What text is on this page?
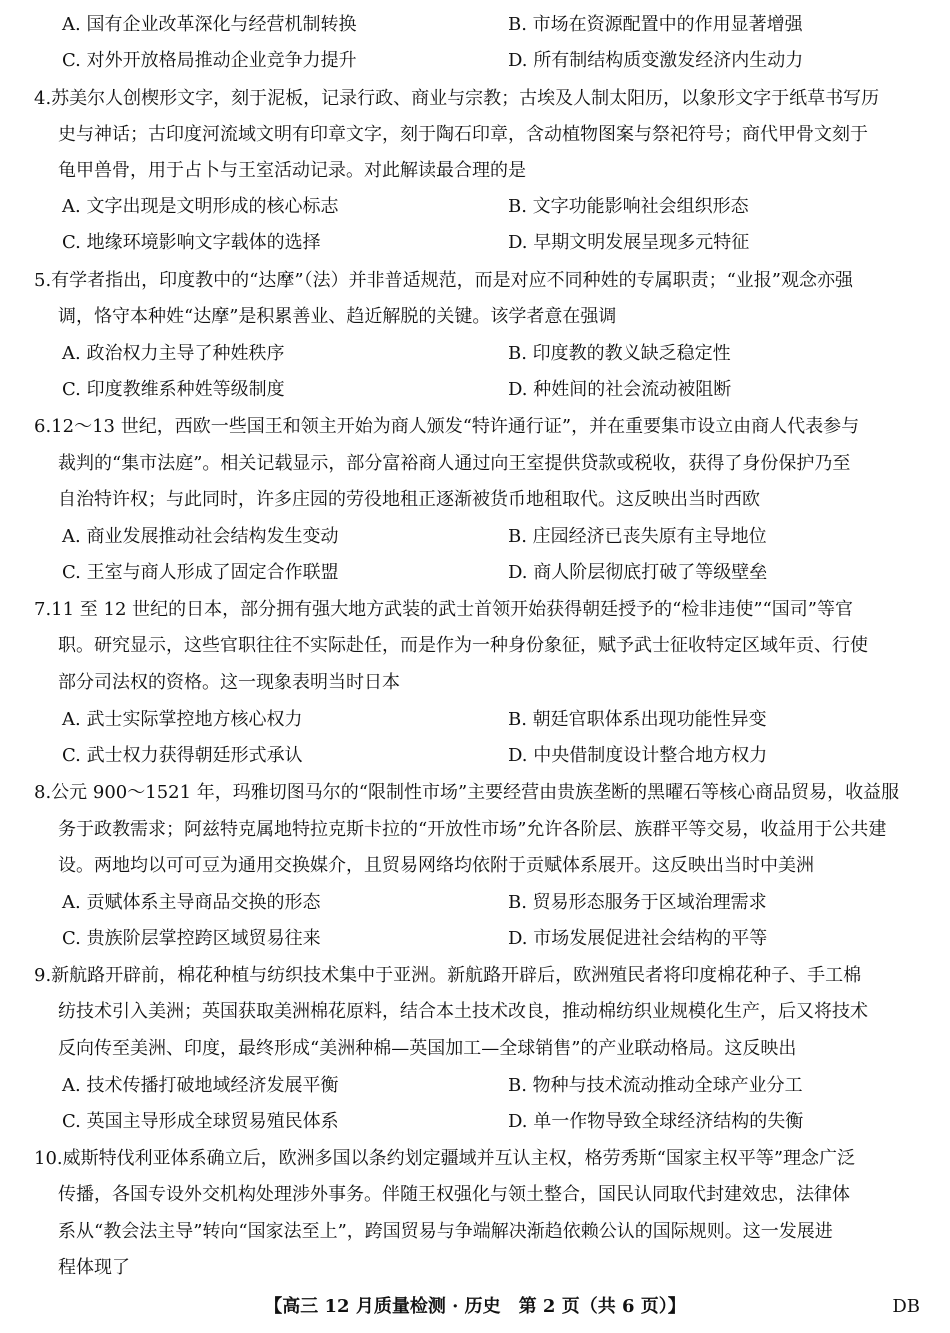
A. 国有企业改革深化与经营机制转换	B. 市场在资源配置中的作用显著增强
C. 对外开放格局推动企业竞争力提升	D. 所有制结构质变激发经济内生动力
4.苏美尔人创楔形文字，刻于泥板，记录行政、商业与宗教；古埃及人制太阳历，以象形文字于纸草书写历
史与神话；古印度河流域文明有印章文字，刻于陶石印章，含动植物图案与祭祀符号；商代甲骨文刻于
龟甲兽骨，用于占卜与王室活动记录。对此解读最合理的是
A. 文字出现是文明形成的核心标志	B. 文字功能影响社会组织形态
C. 地缘环境影响文字载体的选择	D. 早期文明发展呈现多元特征
5.有学者指出，印度教中的“达摩”（法）并非普适规范，而是对应不同种姓的专属职责；“业报”观念亦强
调，恪守本种姓“达摩”是积累善业、趋近解脱的关键。该学者意在强调
A. 政治权力主导了种姓秩序	B. 印度教的教义缺乏稳定性
C. 印度教维系种姓等级制度	D. 种姓间的社会流动被阻断
6.12～13 世纪，西欧一些国王和领主开始为商人颁发“特许通行证”，并在重要集市设立由商人代表参与
裁判的“集市法庭”。相关记载显示，部分富裕商人通过向王室提供贷款或税收，获得了身份保护乃至
自治特许权；与此同时，许多庄园的劳役地租正逐渐被货币地租取代。这反映出当时西欧
A. 商业发展推动社会结构发生变动	B. 庄园经济已丧失原有主导地位
C. 王室与商人形成了固定合作联盟	D. 商人阶层彻底打破了等级壁垒
7.11 至 12 世纪的日本，部分拥有强大地方武装的武士首领开始获得朝廷授予的“检非违使”“国司”等官
职。研究显示，这些官职往往不实际赴任，而是作为一种身份象征，赋予武士征收特定区域年贡、行使
部分司法权的资格。这一现象表明当时日本
A. 武士实际掌控地方核心权力	B. 朝廷官职体系出现功能性异变
C. 武士权力获得朝廷形式承认	D. 中央借制度设计整合地方权力
8.公元 900～1521 年，玛雅切图马尔的“限制性市场”主要经营由贵族垄断的黑曜石等核心商品贸易，收益服
务于政教需求；阿兹特克属地特拉克斯卡拉的“开放性市场”允许各阶层、族群平等交易，收益用于公共建
设。两地均以可可豆为通用交换媒介，且贸易网络均依附于贡赋体系展开。这反映出当时中美洲
A. 贡赋体系主导商品交换的形态	B. 贸易形态服务于区域治理需求
C. 贵族阶层掌控跨区域贸易往来	D. 市场发展促进社会结构的平等
9.新航路开辟前，棉花种植与纺织技术集中于亚洲。新航路开辟后，欧洲殖民者将印度棉花种子、手工棉
纺技术引入美洲；英国获取美洲棉花原料，结合本土技术改良，推动棉纺织业规模化生产，后又将技术
反向传至美洲、印度，最终形成“美洲种棉—英国加工—全球销售”的产业联动格局。这反映出
A. 技术传播打破地域经济发展平衡	B. 物种与技术流动推动全球产业分工
C. 英国主导形成全球贸易殖民体系	D. 单一作物导致全球经济结构的失衡
10.威斯特伐利亚体系确立后，欧洲多国以条约划定疆域并互认主权，格劳秀斯“国家主权平等”理念广泛
传播，各国专设外交机构处理涉外事务。伴随王权强化与领土整合，国民认同取代封建效忠，法律体
系从“教会法主导”转向“国家法至上”，跨国贸易与争端解决渐趋依赖公认的国际规则。这一发展进
程体现了
【高三 12 月质量检测 · 历史　第 2 页（共 6 页）】	DB
